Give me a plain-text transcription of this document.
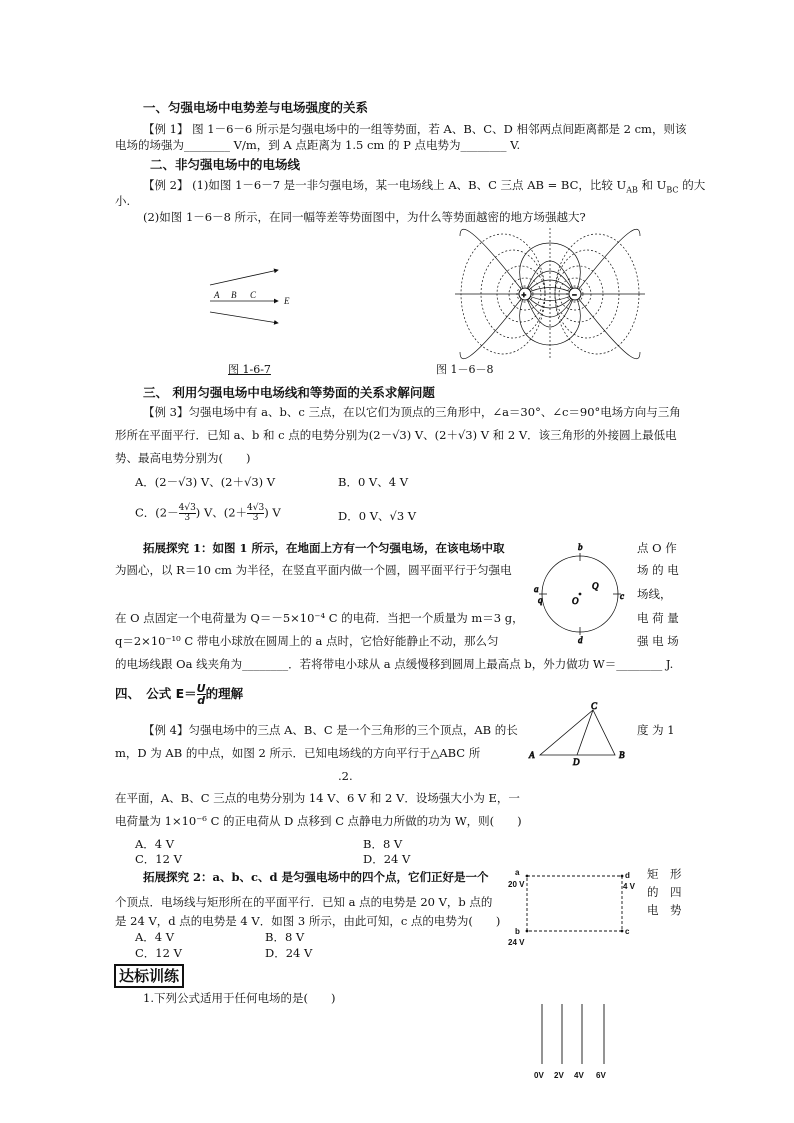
一、匀强电场中电势差与电场强度的关系
【例 1】 图 1－6－6 所示是匀强电场中的一组等势面，若 A、B、C、D 相邻两点间距离都是 2 cm，则该
电场的场强为________ V/m，到 A 点距离为 1.5 cm 的 P 点电势为________ V.
二、非匀强电场中的电场线
【例 2】 (1)如图 1－6－7 是一非匀强电场，某一电场线上 A、B、C 三点 AB = BC，比较 $U_{AB}$ 和 $U_{BC}$ 的大
小.
(2)如图 1－6－8 所示，在同一幅等差等势面图中，为什么等势面越密的地方场强越大?
A B C
E
图 1-6-7
+	−
图 1－6－8
三、 利用匀强电场中电场线和等势面的关系求解问题
【例 3】匀强电场中有 a、b、c 三点，在以它们为顶点的三角形中，∠a＝30°、∠c＝90°电场方向与三角
形所在平面平行．已知 a、b 和 c 点的电势分别为(2－√3) V、(2＋√3) V 和 2 V．该三角形的外接圆上最低电
势、最高电势分别为(　　)
A．(2－√3) V、(2＋√3) V	B．0 V、4 V
C．($2- \frac{4√3}{3}$ ) V、($2+ \frac{4√3}{3}$ ) V	D．0 V、√3 V
拓展探究 1：如图 1 所示，在地面上方有一个匀强电场，在该电场中取
为圆心，以 R＝10 cm 为半径，在竖直平面内做一个圆，圆平面平行于匀强电
在 O 点固定一个电荷量为 Q＝－5×10⁻⁴ C 的电荷．当把一个质量为 m＝3 g，
q＝2×10⁻¹⁰ C 带电小球放在圆周上的 a 点时，它恰好能静止不动，那么匀
的电场线跟 Oa 线夹角为________．若将带电小球从 a 点缓慢移到圆周上最高点 b，外力做功 W＝________ J.
点 O 作
场 的 电
场线，
电 荷 量
强 电 场
b
a
q
Q
O	c
d
四、　公式 $E= \frac{U}{d}$ 的理解
【例 4】匀强电场中的三点 A、B、C 是一个三角形的三个顶点，AB 的长	度 为 1
m，D 为 AB 的中点，如图 2 所示．已知电场线的方向平行于△ABC 所
.2.
在平面，A、B、C 三点的电势分别为 14 V、6 V 和 2 V．设场强大小为 E，一
电荷量为 1×10⁻⁶ C 的正电荷从 D 点移到 C 点静电力所做的功为 W，则(　　)
A．4 V	B．8 V
C．12 V	D．24 V
C
A
D
B
拓展探究 2：a、b、c、d 是匀强电场中的四个点，它们正好是一个	矩　形
的　四
电　势
个顶点．电场线与矩形所在的平面平行．已知 a 点的电势是 20 V，b 点的
是 24 V，d 点的电势是 4 V．如图 3 所示，由此可知，c 点的电势为(　　)
A．4 V	B．8 V
C．12 V	D．24 V
a
20 V
d
4 V
b
24 V
c
达标训练
1.下列公式适用于任何电场的是(　　)
0V 2V 4V 6V
